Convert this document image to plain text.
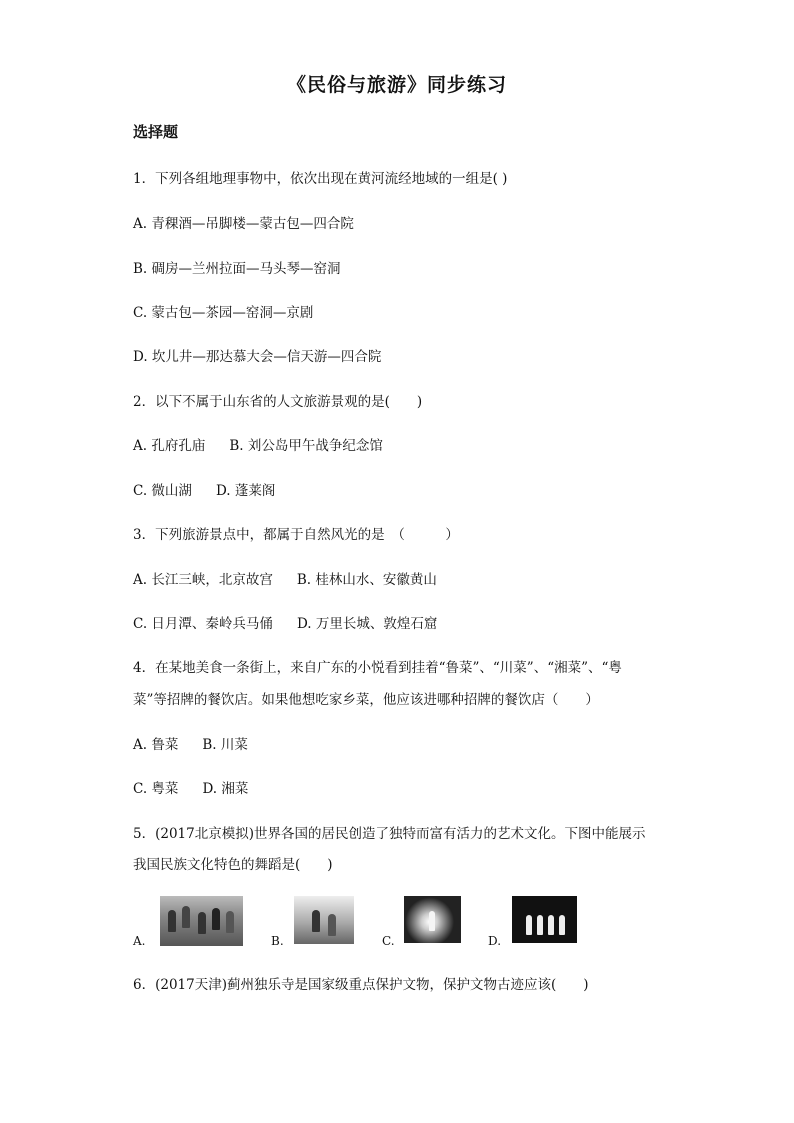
《民俗与旅游》同步练习
选择题
1．下列各组地理事物中，依次出现在黄河流经地域的一组是( )
A. 青稞酒—吊脚楼—蒙古包—四合院
B. 碉房—兰州拉面—马头琴—窑洞
C. 蒙古包—茶园—窑洞—京剧
D. 坎儿井—那达慕大会—信天游—四合院
2．以下不属于山东省的人文旅游景观的是(　　)
A. 孔府孔庙 B. 刘公岛甲午战争纪念馆
C. 微山湖 D. 蓬莱阁
3．下列旅游景点中，都属于自然风光的是　（　　　）
A. 长江三峡，北京故宫 B. 桂林山水、安徽黄山
C. 日月潭、秦岭兵马俑 D. 万里长城、敦煌石窟
4．在某地美食一条街上，来自广东的小悦看到挂着“鲁菜”、“川菜”、“湘菜”、“粤
菜”等招牌的餐饮店。如果他想吃家乡菜，他应该进哪种招牌的餐饮店（　　）
A. 鲁菜 B. 川菜
C. 粤菜 D. 湘菜
5．(2017北京模拟)世界各国的居民创造了独特而富有活力的艺术文化。下图中能展示
我国民族文化特色的舞蹈是(　　)
A.	B.	C.	D.
6．(2017天津)蓟州独乐寺是国家级重点保护文物，保护文物古迹应该(　　)
